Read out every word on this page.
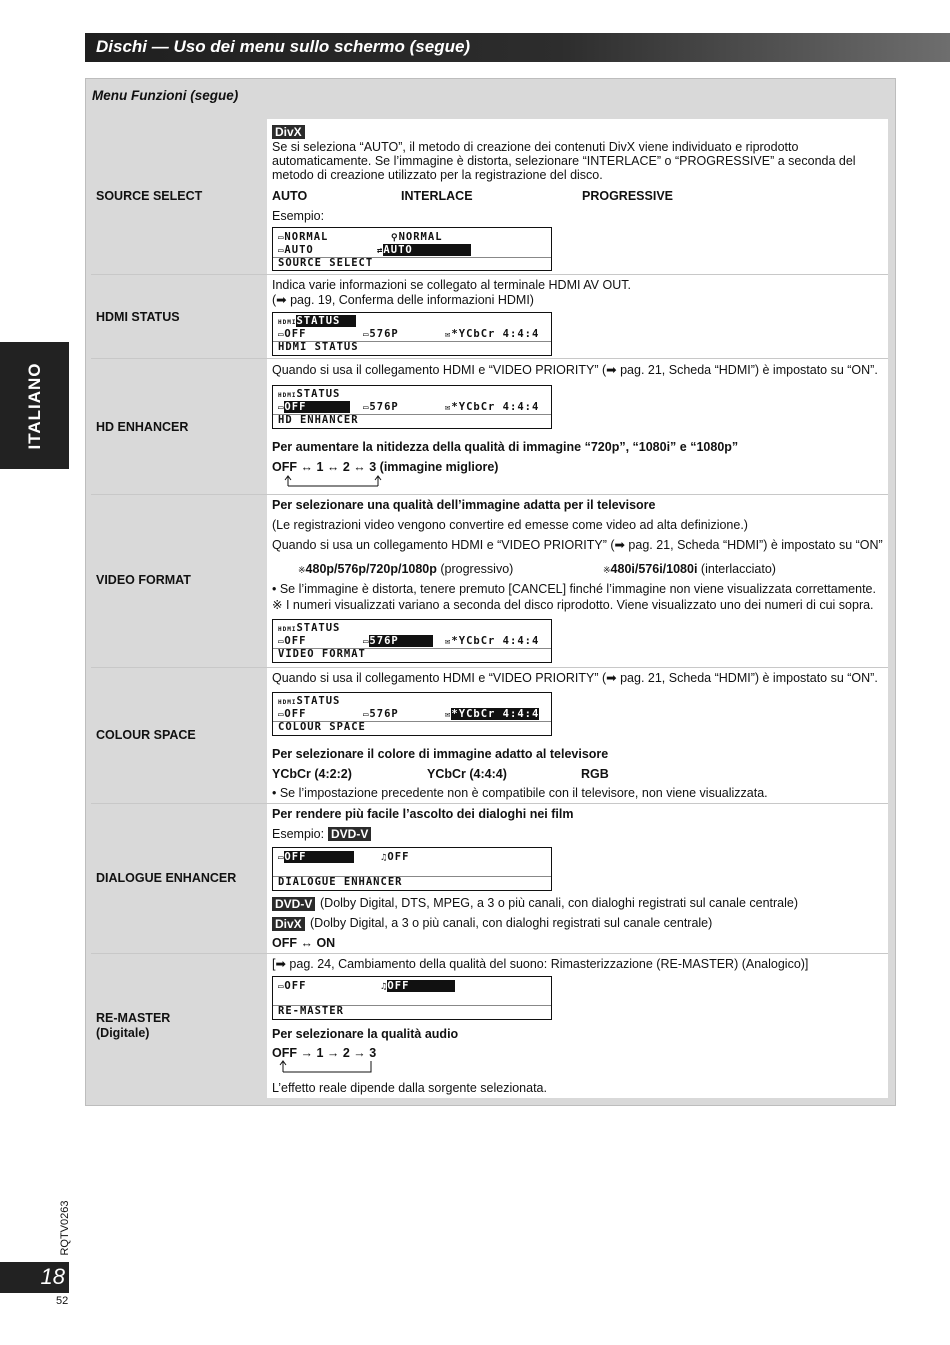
Dischi — Uso dei menu sullo schermo (segue)
ITALIANO
Menu Funzioni (segue)
SOURCE SELECT
DivX
Se si seleziona “AUTO”, il metodo di creazione dei contenuti DivX viene individuato e riprodotto
automaticamente. Se l’immagine è distorta, selezionare “INTERLACE” o “PROGRESSIVE” a seconda del
metodo di creazione utilizzato per la registrazione del disco.
AUTO	INTERLACE	PROGRESSIVE
Esempio:
▭NORMAL	⚲NORMAL
▭AUTO	⇄AUTO
SOURCE SELECT
HDMI STATUS
Indica varie informazioni se collegato al terminale HDMI AV OUT.
(➡ pag. 19, Conferma delle informazioni HDMI)
HDMISTATUS
▭OFF	▭576P	✉*YCbCr 4:4:4
HDMI STATUS
HD ENHANCER
Quando si usa il collegamento HDMI e “VIDEO PRIORITY” (➡ pag. 21, Scheda “HDMI”) è impostato su “ON”.
HDMISTATUS
▭OFF	▭576P	✉*YCbCr 4:4:4
HD ENHANCER
Per aumentare la nitidezza della qualità di immagine “720p”, “1080i” e “1080p”
OFF ↔ 1 ↔ 2 ↔ 3 (immagine migliore)
VIDEO FORMAT
Per selezionare una qualità dell’immagine adatta per il televisore
(Le registrazioni video vengono convertire ed emesse come video ad alta definizione.)
Quando si usa un collegamento HDMI e “VIDEO PRIORITY” (➡ pag. 21, Scheda “HDMI”) è impostato su “ON”
※480p/576p/720p/1080p (progressivo)	※480i/576i/1080i (interlacciato)
• Se l’immagine è distorta, tenere premuto [CANCEL] finché l’immagine non viene visualizzata correttamente.
※ I numeri visualizzati variano a seconda del disco riprodotto. Viene visualizzato uno dei numeri di cui sopra.
HDMISTATUS
▭OFF	▭576P	✉*YCbCr 4:4:4
VIDEO FORMAT
COLOUR SPACE
Quando si usa il collegamento HDMI e “VIDEO PRIORITY” (➡ pag. 21, Scheda “HDMI”) è impostato su “ON”.
HDMISTATUS
▭OFF	▭576P	✉*YCbCr 4:4:4
COLOUR SPACE
Per selezionare il colore di immagine adatto al televisore
YCbCr (4:2:2)	YCbCr (4:4:4)	RGB
• Se l’impostazione precedente non è compatibile con il televisore, non viene visualizzata.
DIALOGUE ENHANCER
Per rendere più facile l’ascolto dei dialoghi nei film
Esempio: DVD-V
▭OFF	♫OFF
DIALOGUE ENHANCER
DVD-V (Dolby Digital, DTS, MPEG, a 3 o più canali, con dialoghi registrati sul canale centrale)
DivX (Dolby Digital, a 3 o più canali, con dialoghi registrati sul canale centrale)
OFF ↔ ON
RE-MASTER
(Digitale)
[➡ pag. 24, Cambiamento della qualità del suono: Rimasterizzazione (RE-MASTER) (Analogico)]
▭OFF	♫OFF
RE-MASTER
Per selezionare la qualità audio
OFF → 1 → 2 → 3
L’effetto reale dipende dalla sorgente selezionata.
RQTV0263
18
52
